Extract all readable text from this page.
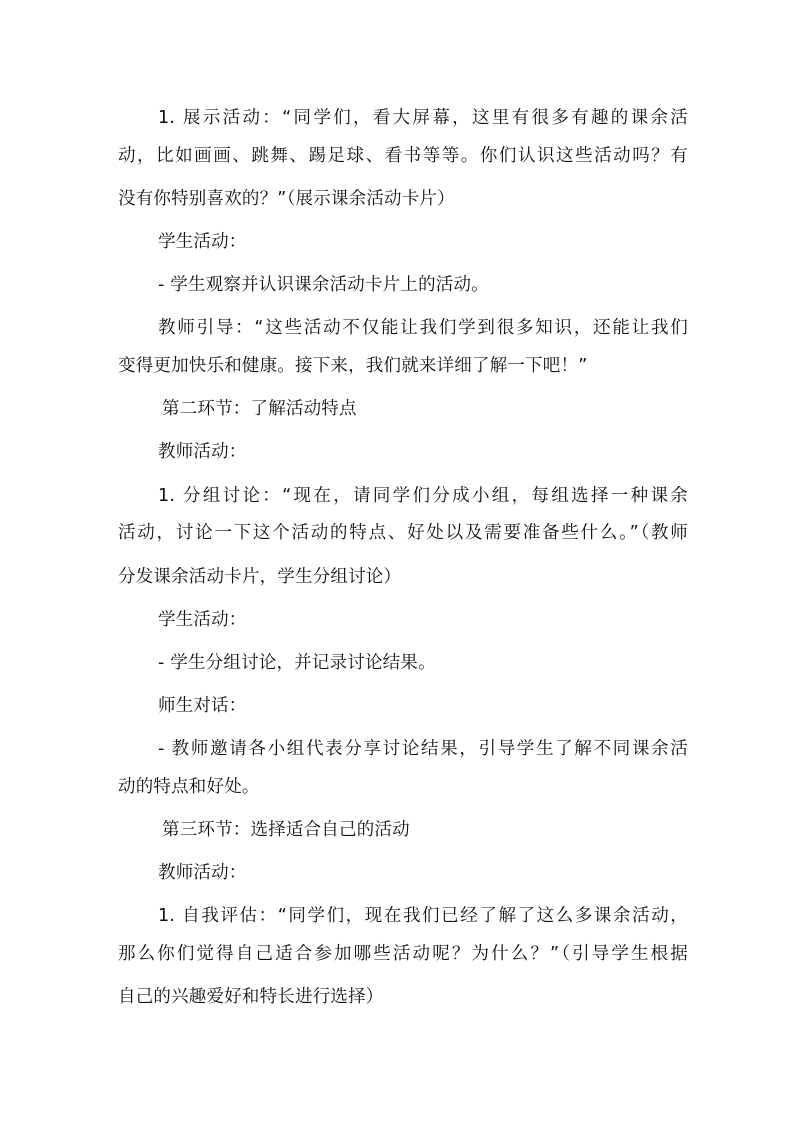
1. 展示活动：“同学们，看大屏幕，这里有很多有趣的课余活
动，比如画画、跳舞、踢足球、看书等等。你们认识这些活动吗？有
没有你特别喜欢的？”（展示课余活动卡片）
学生活动：
- 学生观察并认识课余活动卡片上的活动。
教师引导：“这些活动不仅能让我们学到很多知识，还能让我们
变得更加快乐和健康。接下来，我们就来详细了解一下吧！”
第二环节：了解活动特点
教师活动：
1. 分组讨论：“现在，请同学们分成小组，每组选择一种课余
活动，讨论一下这个活动的特点、好处以及需要准备些什么。”（教师
分发课余活动卡片，学生分组讨论）
学生活动：
- 学生分组讨论，并记录讨论结果。
师生对话：
- 教师邀请各小组代表分享讨论结果，引导学生了解不同课余活
动的特点和好处。
第三环节：选择适合自己的活动
教师活动：
1. 自我评估：“同学们，现在我们已经了解了这么多课余活动，
那么你们觉得自己适合参加哪些活动呢？为什么？”（引导学生根据
自己的兴趣爱好和特长进行选择）
